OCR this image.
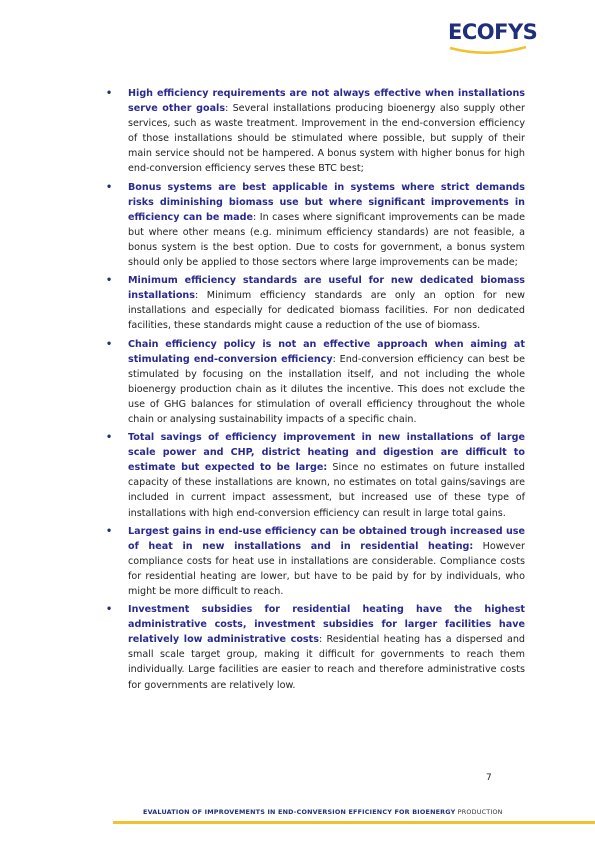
ECOFYS
• High efficiency requirements are not always effective when installations serve other goals: Several installations producing bioenergy also supply other services, such as waste treatment. Improvement in the end-conversion efficiency of those installations should be stimulated where possible, but supply of their main service should not be hampered. A bonus system with higher bonus for high end-conversion efficiency serves these BTC best;
• Bonus systems are best applicable in systems where strict demands risks diminishing biomass use but where significant improvements in efficiency can be made: In cases where significant improvements can be made but where other means (e.g. minimum efficiency standards) are not feasible, a bonus system is the best option. Due to costs for government, a bonus system should only be applied to those sectors where large improvements can be made;
• Minimum efficiency standards are useful for new dedicated biomass installations: Minimum efficiency standards are only an option for new installations and especially for dedicated biomass facilities. For non dedicated facilities, these standards might cause a reduction of the use of biomass.
• Chain efficiency policy is not an effective approach when aiming at stimulating end-conversion efficiency: End-conversion efficiency can best be stimulated by focusing on the installation itself, and not including the whole bioenergy production chain as it dilutes the incentive. This does not exclude the use of GHG balances for stimulation of overall efficiency throughout the whole chain or analysing sustainability impacts of a specific chain.
• Total savings of efficiency improvement in new installations of large scale power and CHP, district heating and digestion are difficult to estimate but expected to be large: Since no estimates on future installed capacity of these installations are known, no estimates on total gains/savings are included in current impact assessment, but increased use of these type of installations with high end-conversion efficiency can result in large total gains.
• Largest gains in end-use efficiency can be obtained trough increased use of heat in new installations and in residential heating: However compliance costs for heat use in installations are considerable. Compliance costs for residential heating are lower, but have to be paid by for by individuals, who might be more difficult to reach.
• Investment subsidies for residential heating have the highest administrative costs, investment subsidies for larger facilities have relatively low administrative costs: Residential heating has a dispersed and small scale target group, making it difficult for governments to reach them individually. Large facilities are easier to reach and therefore administrative costs for governments are relatively low.
7
EVALUATION OF IMPROVEMENTS IN END-CONVERSION EFFICIENCY FOR BIOENERGY PRODUCTION
